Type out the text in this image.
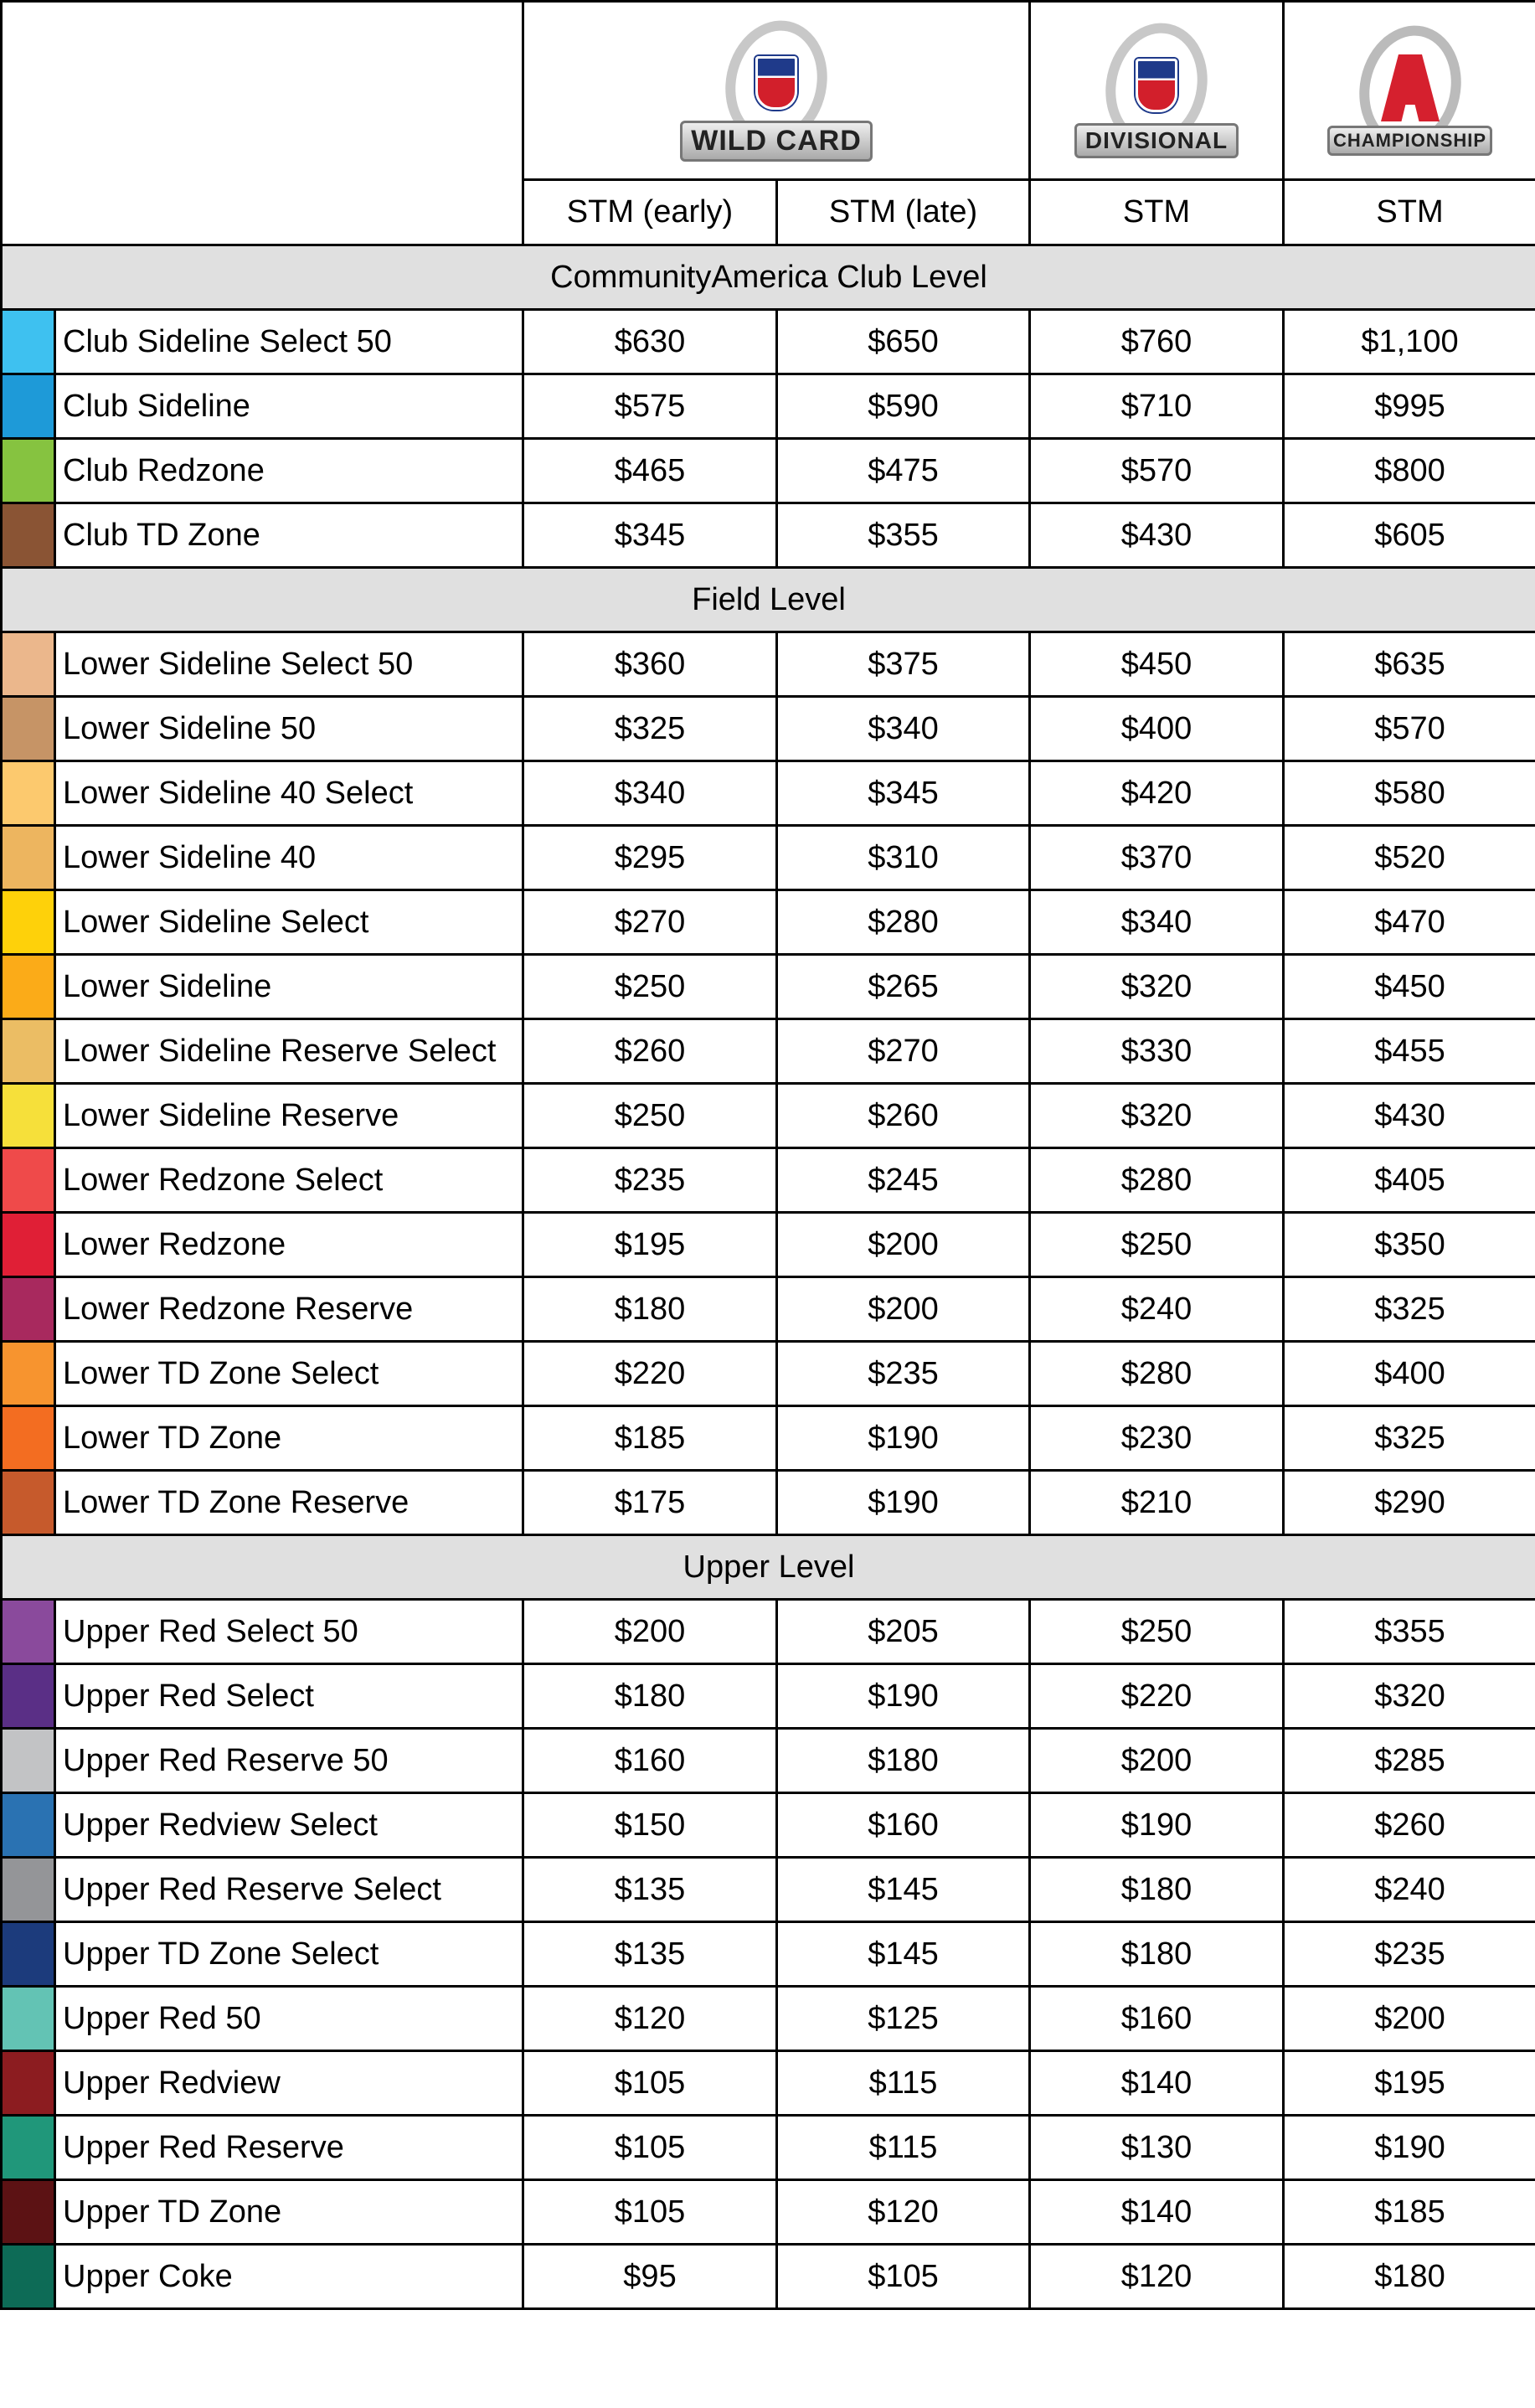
		WILD CARD		DIVISIONAL	CHAMPIONSHIP

		STM (early)	STM (late)	STM	STM
CommunityAmerica Club Level					
	Club Sideline Select 50	$630	$650	$760	$1,100
	Club Sideline	$575	$590	$710	$995
	Club Redzone	$465	$475	$570	$800
	Club TD Zone	$345	$355	$430	$605
Field Level					
	Lower Sideline Select 50	$360	$375	$450	$635
	Lower Sideline 50	$325	$340	$400	$570
	Lower Sideline 40 Select	$340	$345	$420	$580
	Lower Sideline 40	$295	$310	$370	$520
	Lower Sideline Select	$270	$280	$340	$470
	Lower Sideline	$250	$265	$320	$450
	Lower Sideline Reserve Select	$260	$270	$330	$455
	Lower Sideline Reserve	$250	$260	$320	$430
	Lower Redzone Select	$235	$245	$280	$405
	Lower Redzone	$195	$200	$250	$350
	Lower Redzone Reserve	$180	$200	$240	$325
	Lower TD Zone Select	$220	$235	$280	$400
	Lower TD Zone	$185	$190	$230	$325
	Lower TD Zone Reserve	$175	$190	$210	$290
Upper Level					
	Upper Red Select 50	$200	$205	$250	$355
	Upper Red Select	$180	$190	$220	$320
	Upper Red Reserve 50	$160	$180	$200	$285
	Upper Redview Select	$150	$160	$190	$260
	Upper Red Reserve Select	$135	$145	$180	$240
	Upper TD Zone Select	$135	$145	$180	$235
	Upper Red 50	$120	$125	$160	$200
	Upper Redview	$105	$115	$140	$195
	Upper Red Reserve	$105	$115	$130	$190
	Upper TD Zone	$105	$120	$140	$185
	Upper Coke	$95	$105	$120	$180
